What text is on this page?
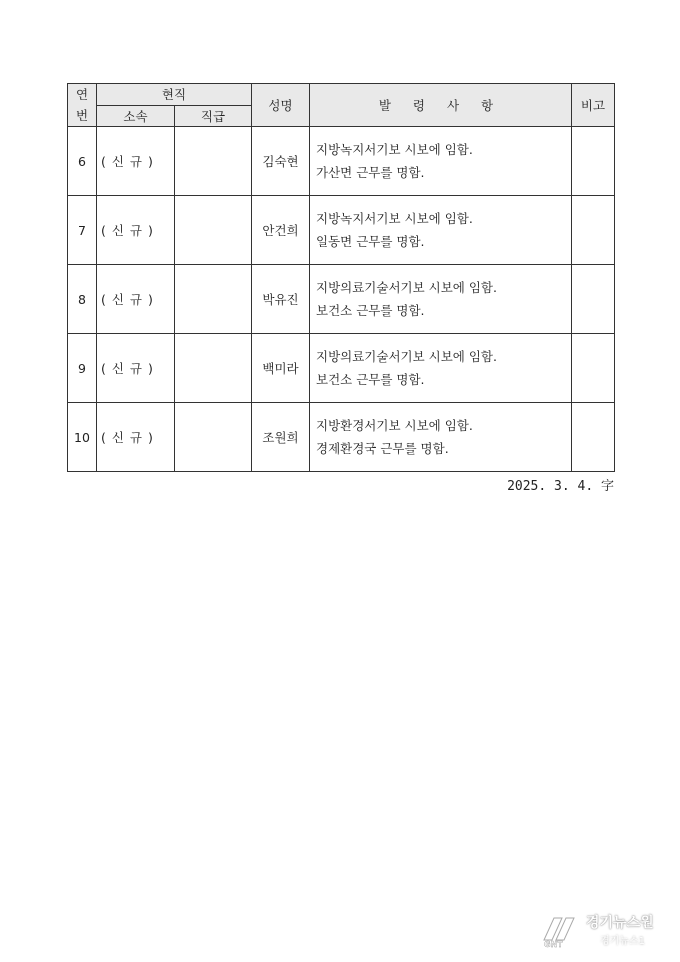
연
번	현직		성명	발 령 사 항	비고
	소속	직급			
6	( 신 규 )		김숙현	지방녹지서기보 시보에 임함.
가산면 근무를 명함.	

7	( 신 규 )		안건희	지방녹지서기보 시보에 임함.
일동면 근무를 명함.	

8	( 신 규 )		박유진	지방의료기술서기보 시보에 임함.
보건소 근무를 명함.	

9	( 신 규 )		백미라	지방의료기술서기보 시보에 임함.
보건소 근무를 명함.	

10	( 신 규 )		조원희	지방환경서기보 시보에 임함.
경제환경국 근무를 명함.	

2025. 3. 4. 字
GNT
경기뉴스원
경기뉴스1
